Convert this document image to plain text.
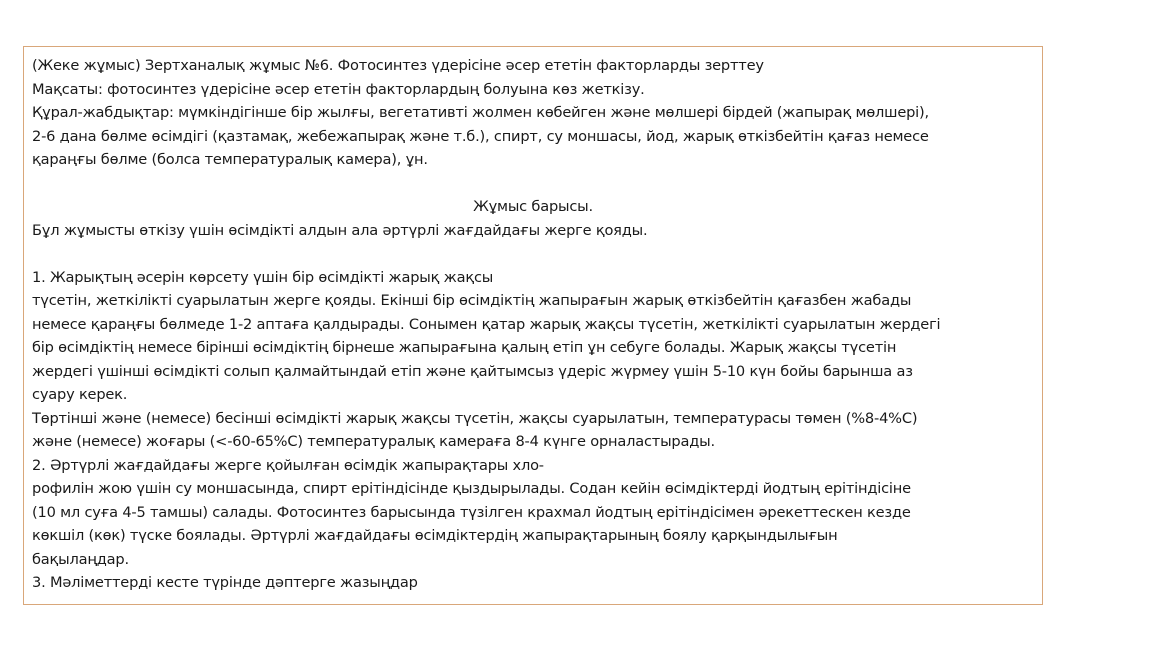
(Жеке жұмыс) Зертханалық жұмыс №6. Фотосинтез үдерісіне әсер ететін факторларды зерттеу
Мақсаты: фотосинтез үдерісіне әсер ететін факторлардың болуына көз жеткізу.
Құрал-жабдықтар: мүмкіндігінше бір жылғы, вегетативті жолмен көбейген және мөлшері бірдей (жапырақ мөлшері),
2-6 дана бөлме өсімдігі (қазтамақ, жебежапырақ және т.б.), спирт, су моншасы, йод, жарық өткізбейтін қағаз немесе
қараңғы бөлме (болса температуралық камера), ұн.
Жұмыс барысы.
Бұл жұмысты өткізу үшін өсімдікті алдын ала әртүрлі жағдайдағы жерге қояды.
1. Жарықтың әсерін көрсету үшін бір өсімдікті жарық жақсы
түсетін, жеткілікті суарылатын жерге қояды. Екінші бір өсімдіктің жапырағын жарық өткізбейтін қағазбен жабады
немесе қараңғы бөлмеде 1-2 аптаға қалдырады. Сонымен қатар жарық жақсы түсетін, жеткілікті суарылатын жердегі
бір өсімдіктің немесе бірінші өсімдіктің бірнеше жапырағына қалың етіп ұн себуге болады. Жарық жақсы түсетін
жердегі үшінші өсімдікті солып қалмайтындай етіп және қайтымсыз үдеріс жүрмеу үшін 5-10 күн бойы барынша аз
суару керек.
Төртінші және (немесе) бесінші өсімдікті жарық жақсы түсетін, жақсы суарылатын, температурасы төмен (%8-4%С)
және (немесе) жоғары (<-60-65%С) температуралық камераға 8-4 күнге орналастырады.
2. Әртүрлі жағдайдағы жерге қойылған өсімдік жапырақтары хло-
рофилін жою үшін су моншасында, спирт ерітіндісінде қыздырылады. Содан кейін өсімдіктерді йодтың ерітіндісіне
(10 мл суға 4-5 тамшы) салады. Фотосинтез барысында түзілген крахмал йодтың ерітіндісімен әрекеттескен кезде
көкшіл (көк) түске боялады. Әртүрлі жағдайдағы өсімдіктердің жапырақтарының боялу қарқындылығын
бақылаңдар.
3. Мәліметтерді кесте түрінде дәптерге жазыңдар
